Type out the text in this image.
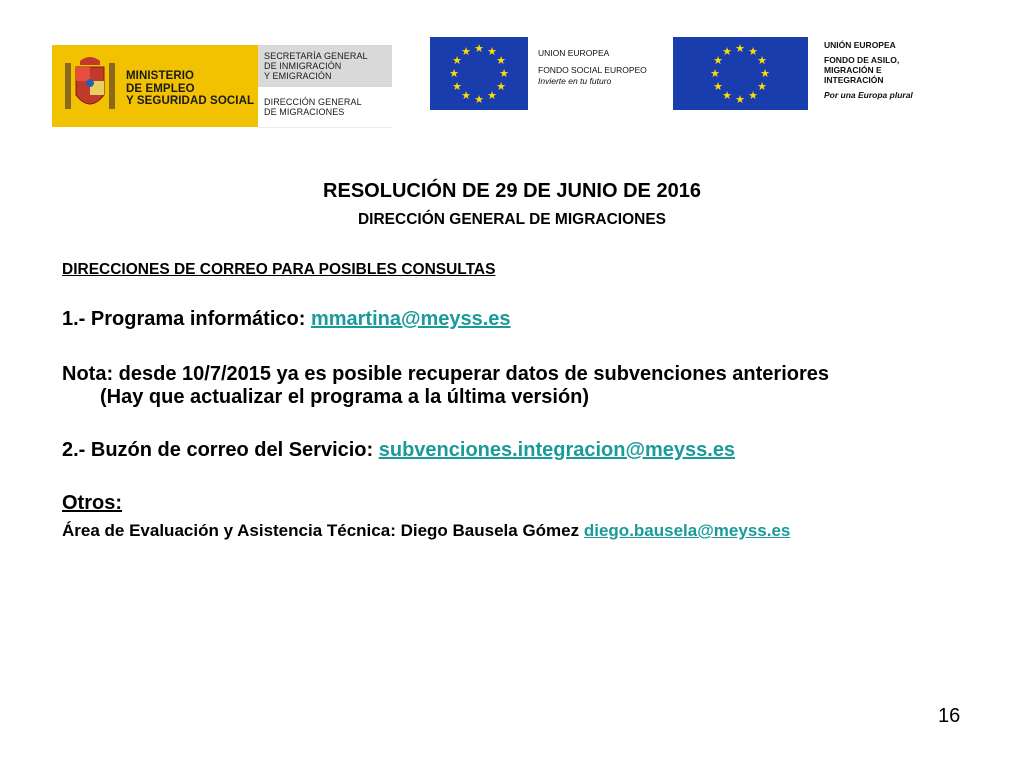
MINISTERIO
DE EMPLEO
Y SEGURIDAD SOCIAL
SECRETARÍA GENERAL
DE INMIGRACIÓN
Y EMIGRACIÓN
DIRECCIÓN GENERAL
DE MIGRACIONES
★ ★
★
★
★
★
★
★
★
★
★
★	UNION EUROPEA
FONDO SOCIAL EUROPEO
Invierte en tu futuro
★ ★
★
★
★
★
★
★
★
★
★
★	UNIÓN EUROPEA
FONDO DE ASILO,
MIGRACIÓN E
INTEGRACIÓN
Por una Europa plural
RESOLUCIÓN DE 29 DE JUNIO DE 2016
DIRECCIÓN GENERAL DE MIGRACIONES
DIRECCIONES DE CORREO PARA POSIBLES CONSULTAS
1.- Programa informático: mmartina@meyss.es
Nota: desde 10/7/2015 ya es posible recuperar datos de subvenciones anteriores
(Hay que actualizar el programa a la última versión)
2.- Buzón de correo del Servicio: subvenciones.integracion@meyss.es
Otros:
Área de Evaluación y Asistencia Técnica: Diego Bausela Gómez diego.bausela@meyss.es
16
